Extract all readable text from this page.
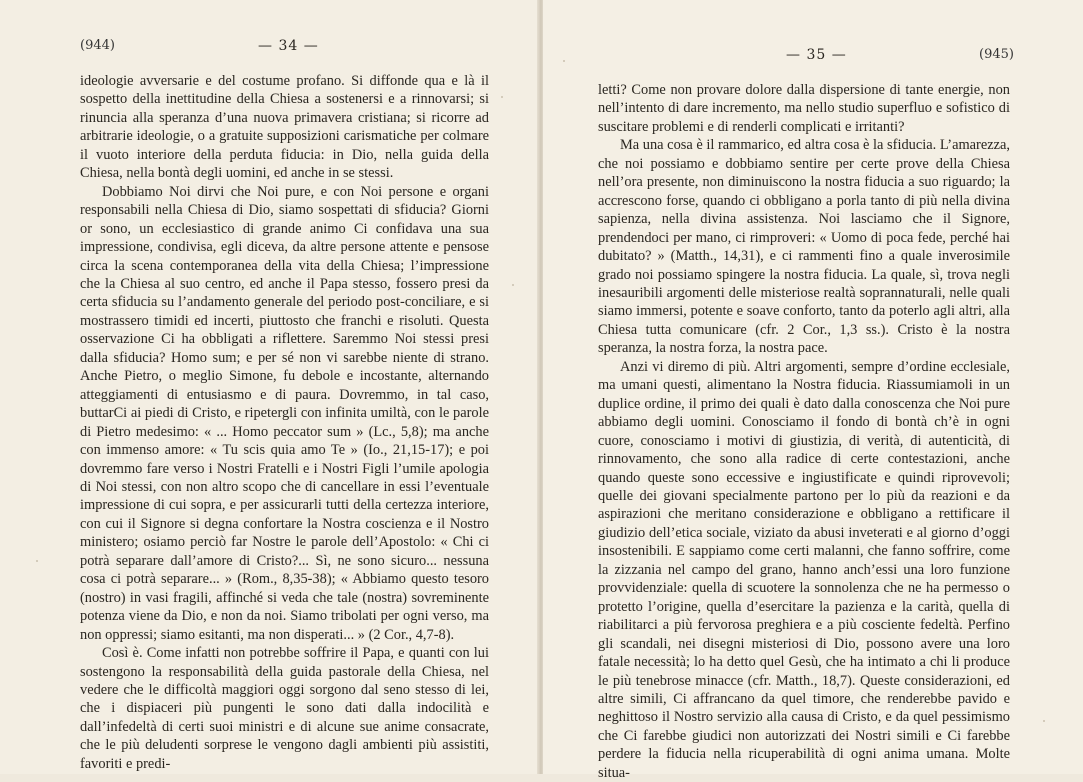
(944)	— 34 —

ideologie avversarie e del costume profano. Si diffonde qua e là il sospetto della inettitudine della Chiesa a sostenersi e a rinnovarsi; si rinuncia alla speranza d’una nuova primavera cristiana; si ricorre ad arbitrarie ideologie, o a gratuite supposizioni carismatiche per colmare il vuoto interiore della perduta fiducia: in Dio, nella guida della Chiesa, nella bontà degli uomini, ed anche in se stessi.

Dobbiamo Noi dirvi che Noi pure, e con Noi persone e organi responsabili nella Chiesa di Dio, siamo sospettati di sfiducia? Giorni or sono, un ecclesiastico di grande animo Ci confidava una sua impressione, condivisa, egli diceva, da altre persone attente e pensose circa la scena contemporanea della vita della Chiesa; l’impressione che la Chiesa al suo centro, ed anche il Papa stesso, fossero presi da certa sfiducia su l’andamento generale del periodo post-conciliare, e si mostrassero timidi ed incerti, piuttosto che franchi e risoluti. Questa osservazione Ci ha obbligati a riflettere. Saremmo Noi stessi presi dalla sfiducia? Homo sum; e per sé non vi sarebbe niente di strano. Anche Pietro, o meglio Simone, fu debole e incostante, alternando atteggiamenti di entusiasmo e di paura. Dovremmo, in tal caso, buttarCi ai piedi di Cristo, e ripetergli con infinita umiltà, con le parole di Pietro medesimo: « ... Homo peccator sum » (Lc., 5,8); ma anche con immenso amore: « Tu scis quia amo Te » (Io., 21,15-17); e poi dovremmo fare verso i Nostri Fratelli e i Nostri Figli l’umile apologia di Noi stessi, con non altro scopo che di cancellare in essi l’eventuale impressione di cui sopra, e per assicurarli tutti della certezza interiore, con cui il Signore si degna confortare la Nostra coscienza e il Nostro ministero; osiamo perciò far Nostre le parole dell’Apostolo: « Chi ci potrà separare dall’amore di Cristo?... Sì, ne sono sicuro... nessuna cosa ci potrà separare... » (Rom., 8,35-38); « Abbiamo questo tesoro (nostro) in vasi fragili, affinché si veda che tale (nostra) sovreminente potenza viene da Dio, e non da noi. Siamo tribolati per ogni verso, ma non oppressi; siamo esitanti, ma non disperati... » (2 Cor., 4,7-8).

Così è. Come infatti non potrebbe soffrire il Papa, e quanti con lui sostengono la responsabilità della guida pastorale della Chiesa, nel vedere che le difficoltà maggiori oggi sorgono dal seno stesso di lei, che i dispiaceri più pungenti le sono dati dalla indocilità e dall’infedeltà di certi suoi ministri e di alcune sue anime consacrate, che le più deludenti sorprese le vengono dagli ambienti più assistiti, favoriti e predi-

— 35 —	(945)

letti? Come non provare dolore dalla dispersione di tante energie, non nell’intento di dare incremento, ma nello studio superfluo e sofistico di suscitare problemi e di renderli complicati e irritanti?

Ma una cosa è il rammarico, ed altra cosa è la sfiducia. L’amarezza, che noi possiamo e dobbiamo sentire per certe prove della Chiesa nell’ora presente, non diminuiscono la nostra fiducia a suo riguardo; la accrescono forse, quando ci obbligano a porla tanto di più nella divina sapienza, nella divina assistenza. Noi lasciamo che il Signore, prendendoci per mano, ci rimproveri: « Uomo di poca fede, perché hai dubitato? » (Matth., 14,31), e ci rammenti fino a quale inverosimile grado noi possiamo spingere la nostra fiducia. La quale, sì, trova negli inesauribili argomenti delle misteriose realtà soprannaturali, nelle quali siamo immersi, potente e soave conforto, tanto da poterlo agli altri, alla Chiesa tutta comunicare (cfr. 2 Cor., 1,3 ss.). Cristo è la nostra speranza, la nostra forza, la nostra pace.

Anzi vi diremo di più. Altri argomenti, sempre d’ordine ecclesiale, ma umani questi, alimentano la Nostra fiducia. Riassumiamoli in un duplice ordine, il primo dei quali è dato dalla conoscenza che Noi pure abbiamo degli uomini. Conosciamo il fondo di bontà ch’è in ogni cuore, conosciamo i motivi di giustizia, di verità, di autenticità, di rinnovamento, che sono alla radice di certe contestazioni, anche quando queste sono eccessive e ingiustificate e quindi riprovevoli; quelle dei giovani specialmente partono per lo più da reazioni e da aspirazioni che meritano considerazione e obbligano a rettificare il giudizio dell’etica sociale, viziato da abusi inveterati e al giorno d’oggi insostenibili. E sappiamo come certi malanni, che fanno soffrire, come la zizzania nel campo del grano, hanno anch’essi una loro funzione provvidenziale: quella di scuotere la sonnolenza che ne ha permesso o protetto l’origine, quella d’esercitare la pazienza e la carità, quella di riabilitarci a più fervorosa preghiera e a più cosciente fedeltà. Perfino gli scandali, nei disegni misteriosi di Dio, possono avere una loro fatale necessità; lo ha detto quel Gesù, che ha intimato a chi li produce le più tenebrose minacce (cfr. Matth., 18,7). Queste considerazioni, ed altre simili, Ci affrancano da quel timore, che renderebbe pavido e neghittoso il Nostro servizio alla causa di Cristo, e da quel pessimismo che Ci farebbe giudici non autorizzati dei Nostri simili e Ci farebbe perdere la fiducia nella ricuperabilità di ogni anima umana. Molte situa-
